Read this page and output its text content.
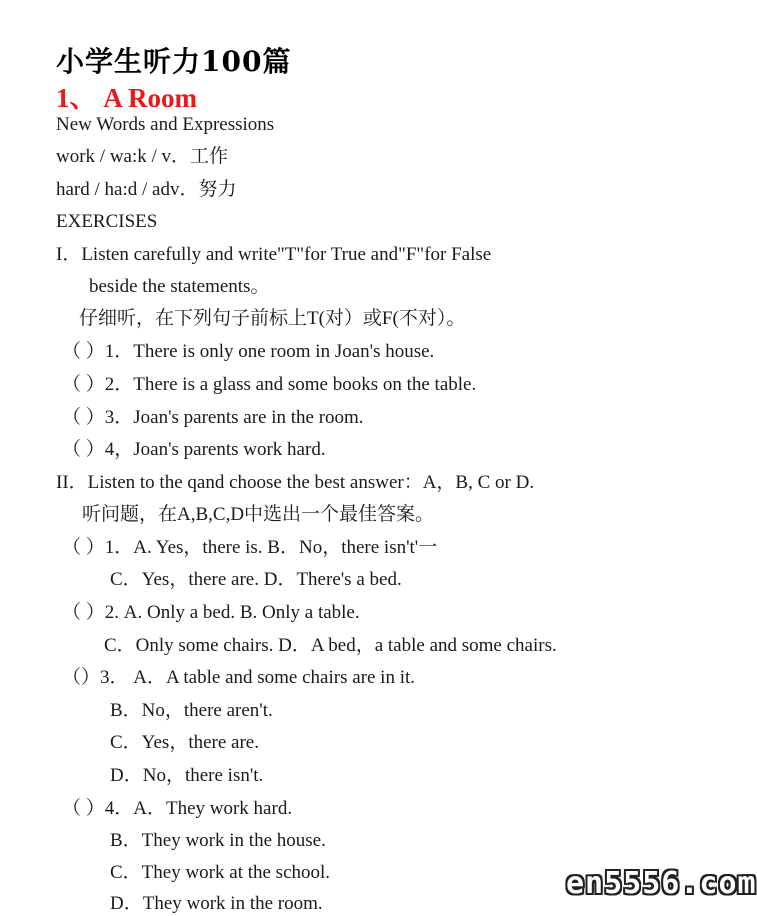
小学生听力100篇
1、 A Room
New Words and Expressions
work / wa:k / v．工作
hard / ha:d / adv．努力
EXERCISES
I．Listen carefully and write"T"for True and"F"for False
beside the statements。
仔细听，在下列句子前标上T(对）或F(不对）。
（ ）1．There is only one room in Joan's house.
（ ）2．There is a glass and some books on the table.
（ ）3．Joan's parents are in the room.
（ ）4，Joan's parents work hard.
II．Listen to the qand choose the best answer：A，B, C or D.
听问题，在A,B,C,D中选出一个最佳答案。
（ ）1．A. Yes，there is. B．No，there isn't'一
C．Yes，there are. D．There's a bed.
（ ）2. A. Only a bed. B. Only a table.
C．Only some chairs. D．A bed，a table and some chairs.
（）3． A．A table and some chairs are in it.
B．No，there aren't.
C．Yes，there are.
D．No，there isn't.
（ ）4．A．They work hard.
B．They work in the house.
C．They work at the school.
D．They work in the room.
en5556.com
